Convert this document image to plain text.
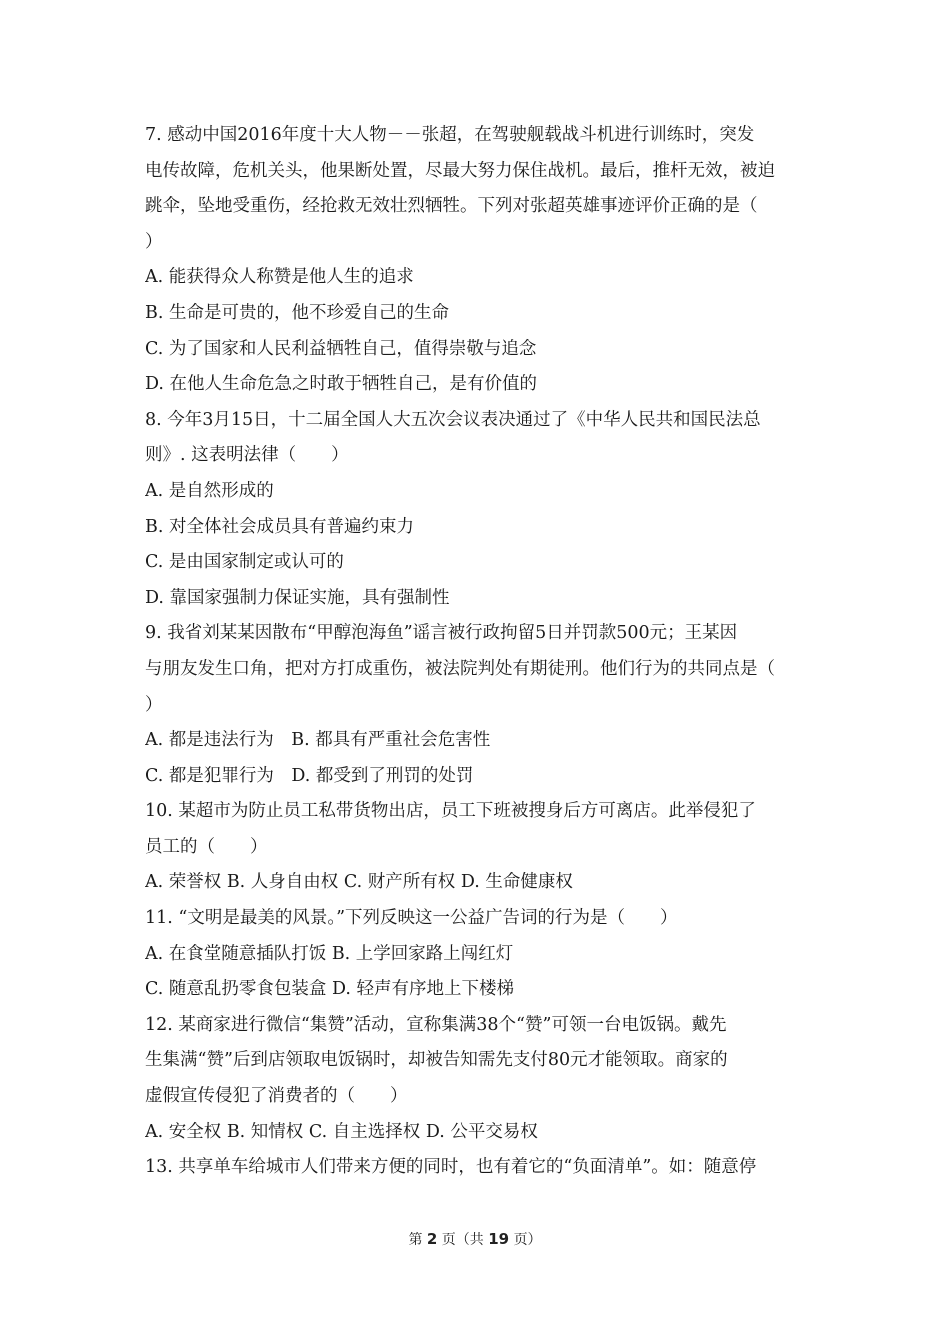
7. 感动中国2016年度十大人物－－张超，在驾驶舰载战斗机进行训练时，突发
电传故障，危机关头，他果断处置，尽最大努力保住战机。最后，推杆无效，被迫
跳伞，坠地受重伤，经抢救无效壮烈牺牲。下列对张超英雄事迹评价正确的是（
）
A. 能获得众人称赞是他人生的追求
B. 生命是可贵的，他不珍爱自己的生命
C. 为了国家和人民利益牺牲自己，值得崇敬与追念
D. 在他人生命危急之时敢于牺牲自己，是有价值的
8. 今年3月15日，十二届全国人大五次会议表决通过了《中华人民共和国民法总
则》. 这表明法律（　　）
A. 是自然形成的
B. 对全体社会成员具有普遍约束力
C. 是由国家制定或认可的
D. 靠国家强制力保证实施，具有强制性
9. 我省刘某某因散布“甲醇泡海鱼”谣言被行政拘留5日并罚款500元；王某因
与朋友发生口角，把对方打成重伤，被法院判处有期徒刑。他们行为的共同点是（
）
A. 都是违法行为　B. 都具有严重社会危害性
C. 都是犯罪行为　D. 都受到了刑罚的处罚
10. 某超市为防止员工私带货物出店，员工下班被搜身后方可离店。此举侵犯了
员工的（　　）
A. 荣誉权 B. 人身自由权 C. 财产所有权 D. 生命健康权
11. “文明是最美的风景。”下列反映这一公益广告词的行为是（　　）
A. 在食堂随意插队打饭 B. 上学回家路上闯红灯
C. 随意乱扔零食包装盒 D. 轻声有序地上下楼梯
12. 某商家进行微信“集赞”活动，宣称集满38个“赞”可领一台电饭锅。戴先
生集满“赞”后到店领取电饭锅时，却被告知需先支付80元才能领取。商家的
虚假宣传侵犯了消费者的（　　）
A. 安全权 B. 知情权 C. 自主选择权 D. 公平交易权
13. 共享单车给城市人们带来方便的同时，也有着它的“负面清单”。如：随意停
第 2 页（共 19 页）
